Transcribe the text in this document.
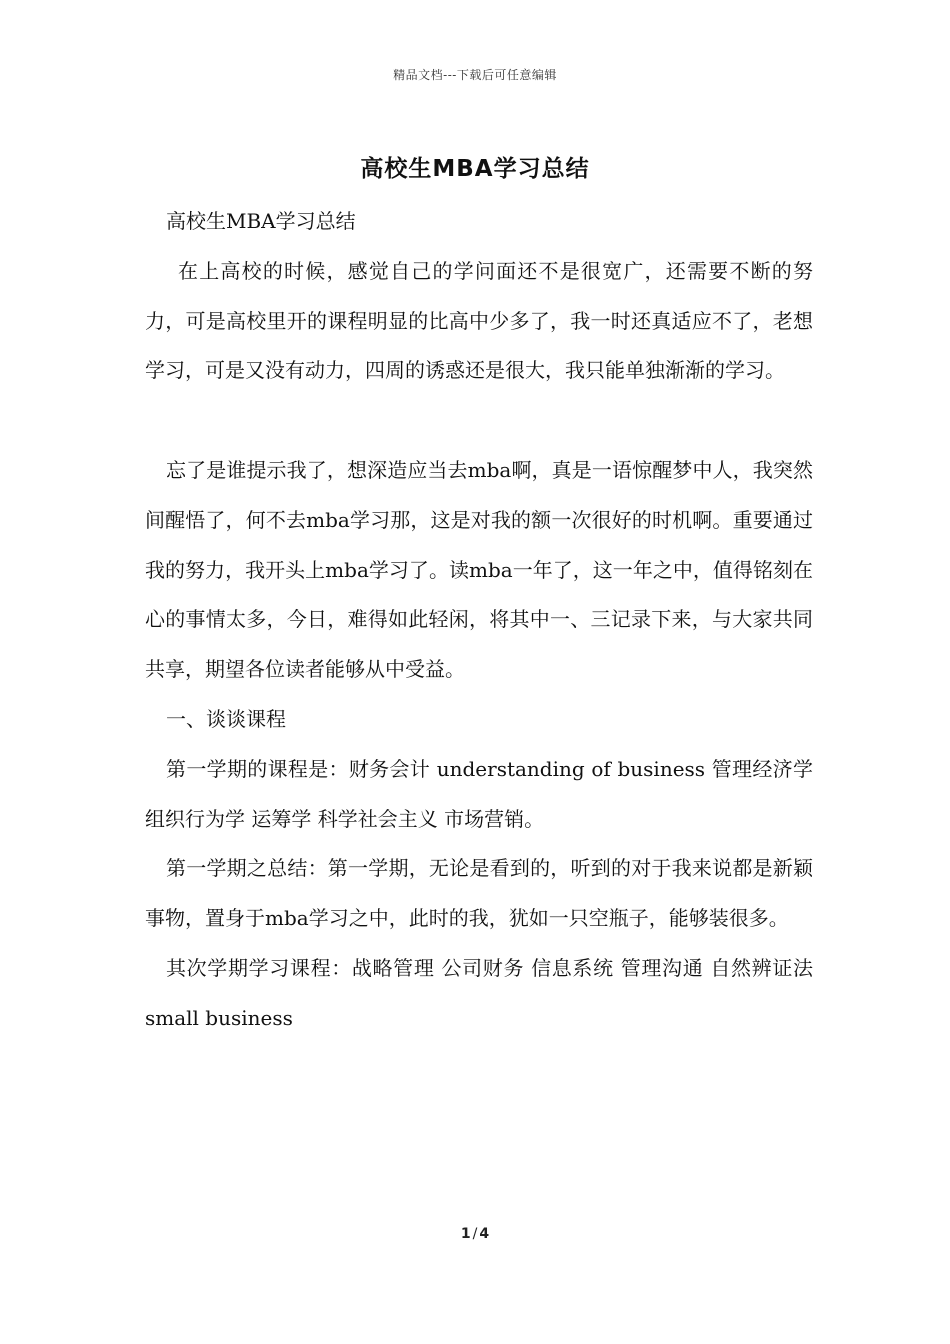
精品文档---下载后可任意编辑
高校生MBA学习总结

高校生MBA学习总结

在上高校的时候，感觉自己的学问面还不是很宽广，还需要不断的努力，可是高校里开的课程明显的比高中少多了，我一时还真适应不了，老想学习，可是又没有动力，四周的诱惑还是很大，我只能单独渐渐的学习。

忘了是谁提示我了，想深造应当去mba啊，真是一语惊醒梦中人，我突然间醒悟了，何不去mba学习那，这是对我的额一次很好的时机啊。重要通过我的努力，我开头上mba学习了。读mba一年了，这一年之中，值得铭刻在心的事情太多，今日，难得如此轻闲，将其中一、三记录下来，与大家共同共享，期望各位读者能够从中受益。

一、谈谈课程

第一学期的课程是：财务会计 understanding of business 管理经济学 组织行为学 运筹学 科学社会主义 市场营销。

第一学期之总结：第一学期，无论是看到的，听到的对于我来说都是新颖事物，置身于mba学习之中，此时的我，犹如一只空瓶子，能够装很多。

其次学期学习课程：战略管理 公司财务 信息系统 管理沟通 自然辨证法 small business

1 / 4
